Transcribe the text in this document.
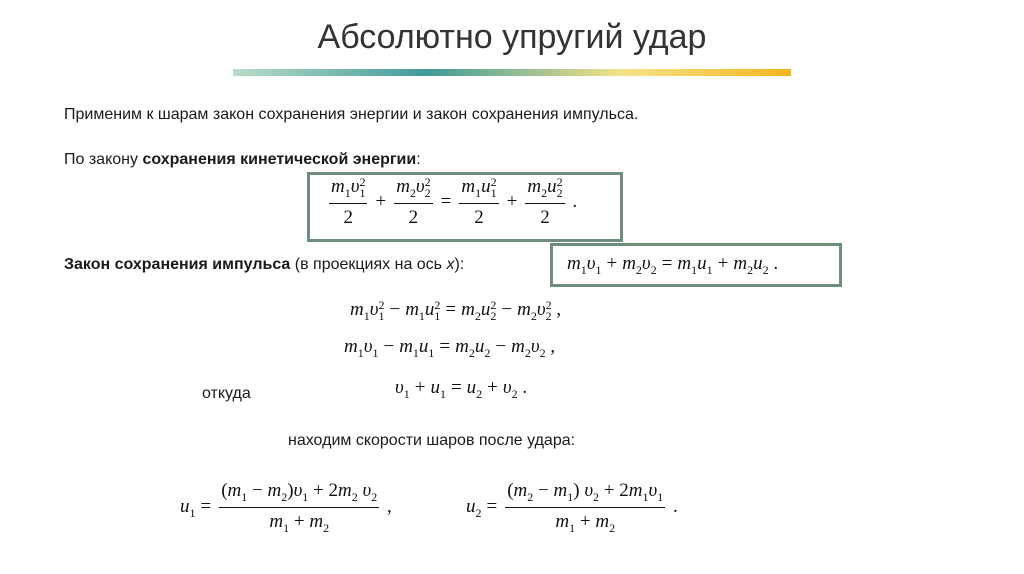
Абсолютно упругий удар
Применим к шарам закон сохранения энергии и закон сохранения импульса.
По закону сохранения кинетической энергии:
$m_1\upsilon$ 2
1
$2 + m_2\upsilon$ 2
2
$2 = m_1u$ 2
1
$2 + m_2u$ 2
2
2 .
Закон сохранения импульса (в проекциях на ось x):	$m_1\upsilon_1 + m_2\upsilon_2 = m_1u_1 + m_2u_2$ .
$m_1\upsilon$ 2
$1 - m_1u$ 2
$1 = m_2u$ 2
$2 - m_2\upsilon$ 2
2 ,
$m_1\upsilon_1 - m_1u_1 = m_2u_2 - m_2\upsilon_2$ ,
откуда	$\upsilon_1 + u_1 = u_2 + \upsilon_2$ .
находим скорости шаров после удара:
$u_1 = \frac{(m_1 - m_2)\upsilon_1 + 2m_2 \upsilon_2}{m_1 + m_2}$ ,	$u_2 = \frac{(m_2 - m_1) \upsilon_2 + 2m_1\upsilon_1}{m_1 + m_2}$ .
